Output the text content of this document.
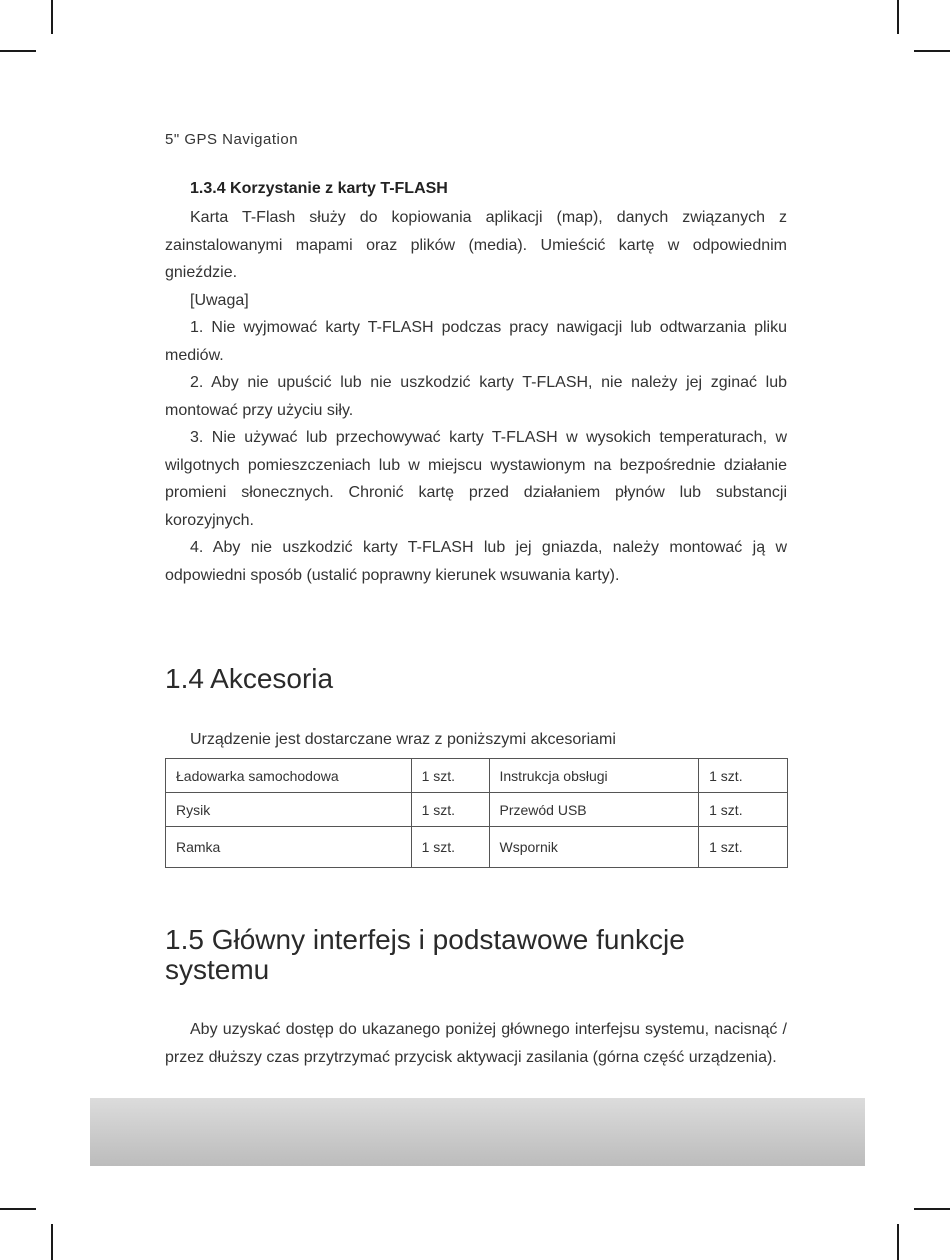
5" GPS Navigation
1.3.4 Korzystanie z karty T-FLASH

Karta T-Flash służy do kopiowania aplikacji (map), danych związanych z zainstalowanymi mapami oraz plików (media). Umieścić kartę w odpowiednim gnieździe.

[Uwaga]

1. Nie wyjmować karty T-FLASH podczas pracy nawigacji lub odtwarzania pliku mediów.

2. Aby nie upuścić lub nie uszkodzić karty T-FLASH, nie należy jej zginać lub montować przy użyciu siły.

3. Nie używać lub przechowywać karty T-FLASH w wysokich temperaturach, w wilgotnych pomieszczeniach lub w miejscu wystawionym na bezpośrednie działanie promieni słonecznych. Chronić kartę przed działaniem płynów lub substancji korozyjnych.

4. Aby nie uszkodzić karty T-FLASH lub jej gniazda, należy montować ją w odpowiedni sposób (ustalić poprawny kierunek wsuwania karty).

1.4 Akcesoria
Urządzenie jest dostarczane wraz z poniższymi akcesoriami
Ładowarka samochodowa	1 szt.	Instrukcja obsługi	1 szt.
Rysik	1 szt.	Przewód USB	1 szt.
Ramka	1 szt.	Wspornik	1 szt.
1.5 Główny interfejs i podstawowe funkcje systemu

Aby uzyskać dostęp do ukazanego poniżej głównego interfejsu systemu, nacisnąć / przez dłuższy czas przytrzymać przycisk aktywacji zasilania (górna część urządzenia).
